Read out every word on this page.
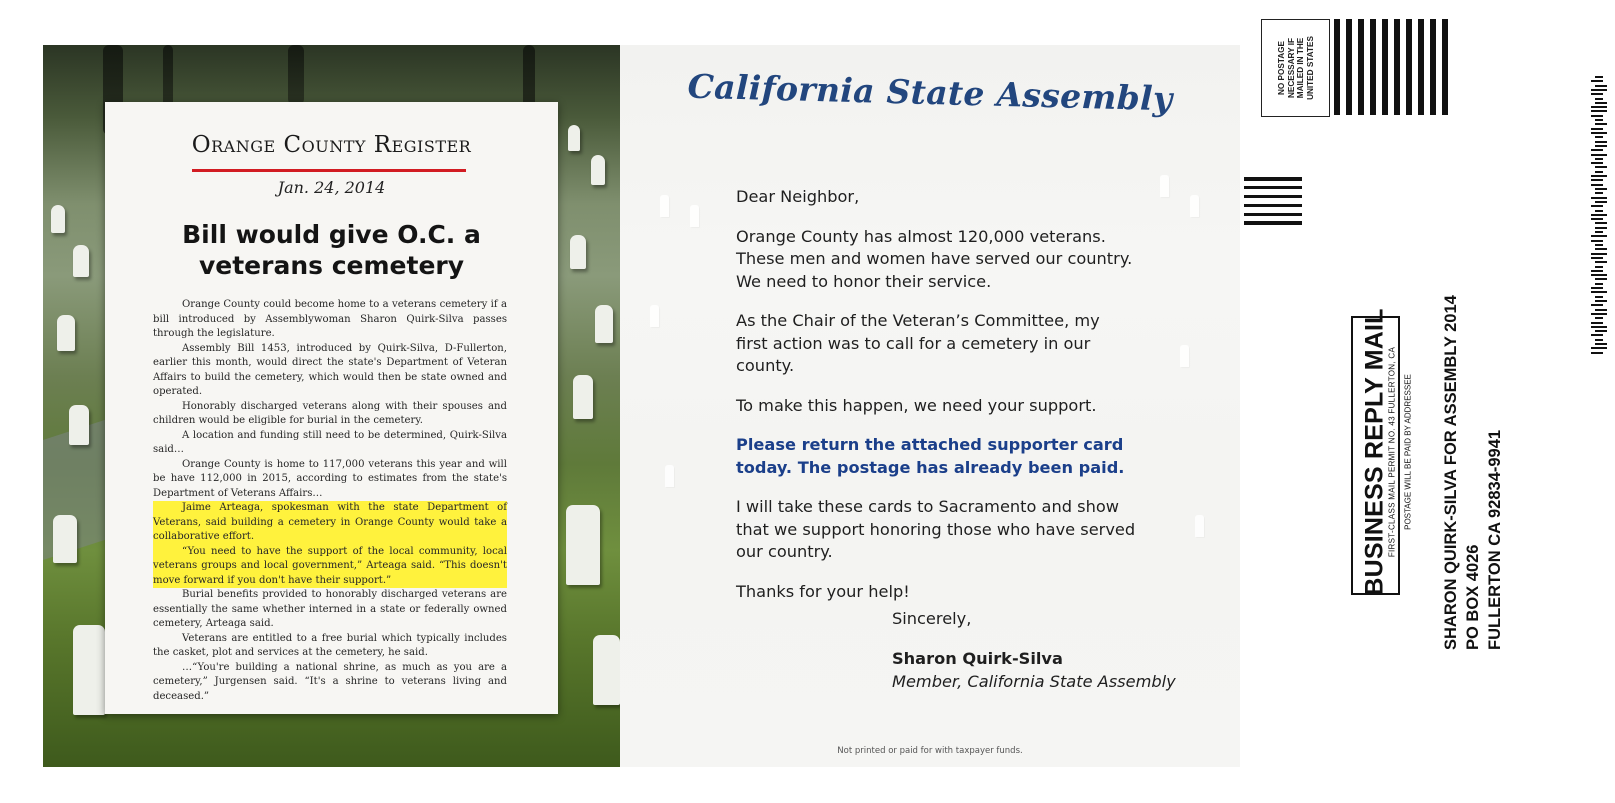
Orange County Register
Jan. 24, 2014
Bill would give O.C. a veterans cemetery

Orange County could become home to a veterans cemetery if a bill introduced by Assemblywoman Sharon Quirk-Silva passes through the legislature.

Assembly Bill 1453, introduced by Quirk-Silva, D-Fullerton, earlier this month, would direct the state's Department of Veteran Affairs to build the cemetery, which would then be state owned and operated.

Honorably discharged veterans along with their spouses and children would be eligible for burial in the cemetery.

A location and funding still need to be determined, Quirk-Silva said…

Orange County is home to 117,000 veterans this year and will be have 112,000 in 2015, according to estimates from the state's Department of Veterans Affairs…

Jaime Arteaga, spokesman with the state Department of Veterans, said building a cemetery in Orange County would take a collaborative effort.

“You need to have the support of the local community, local veterans groups and local government,” Arteaga said. “This doesn't move forward if you don't have their support.”

Burial benefits provided to honorably discharged veterans are essentially the same whether interned in a state or federally owned cemetery, Arteaga said.

Veterans are entitled to a free burial which typically includes the casket, plot and services at the cemetery, he said.

…“You're building a national shrine, as much as you are a cemetery,” Jurgensen said. “It's a shrine to veterans living and deceased.”

California State Assembly

Dear Neighbor,

Orange County has almost 120,000 veterans. These men and women have served our country. We need to honor their service.

As the Chair of the Veteran’s Committee, my first action was to call for a cemetery in our county.

To make this happen, we need your support.

Please return the attached supporter card today. The postage has already been paid.

I will take these cards to Sacramento and show that we support honoring those who have served our country.

Thanks for your help!

Sincerely,
Sharon Quirk-Silva
Member, California State Assembly
Not printed or paid for with taxpayer funds.
NO POSTAGE NECESSARY IF MAILED IN THE UNITED STATES
BUSINESS REPLY MAIL FIRST-CLASS MAIL PERMIT NO. 43 FULLERTON, CA POSTAGE WILL BE PAID BY ADDRESSEE SHARON QUIRK-SILVA FOR ASSEMBLY 2014 PO BOX 4026 FULLERTON CA 92834-9941
